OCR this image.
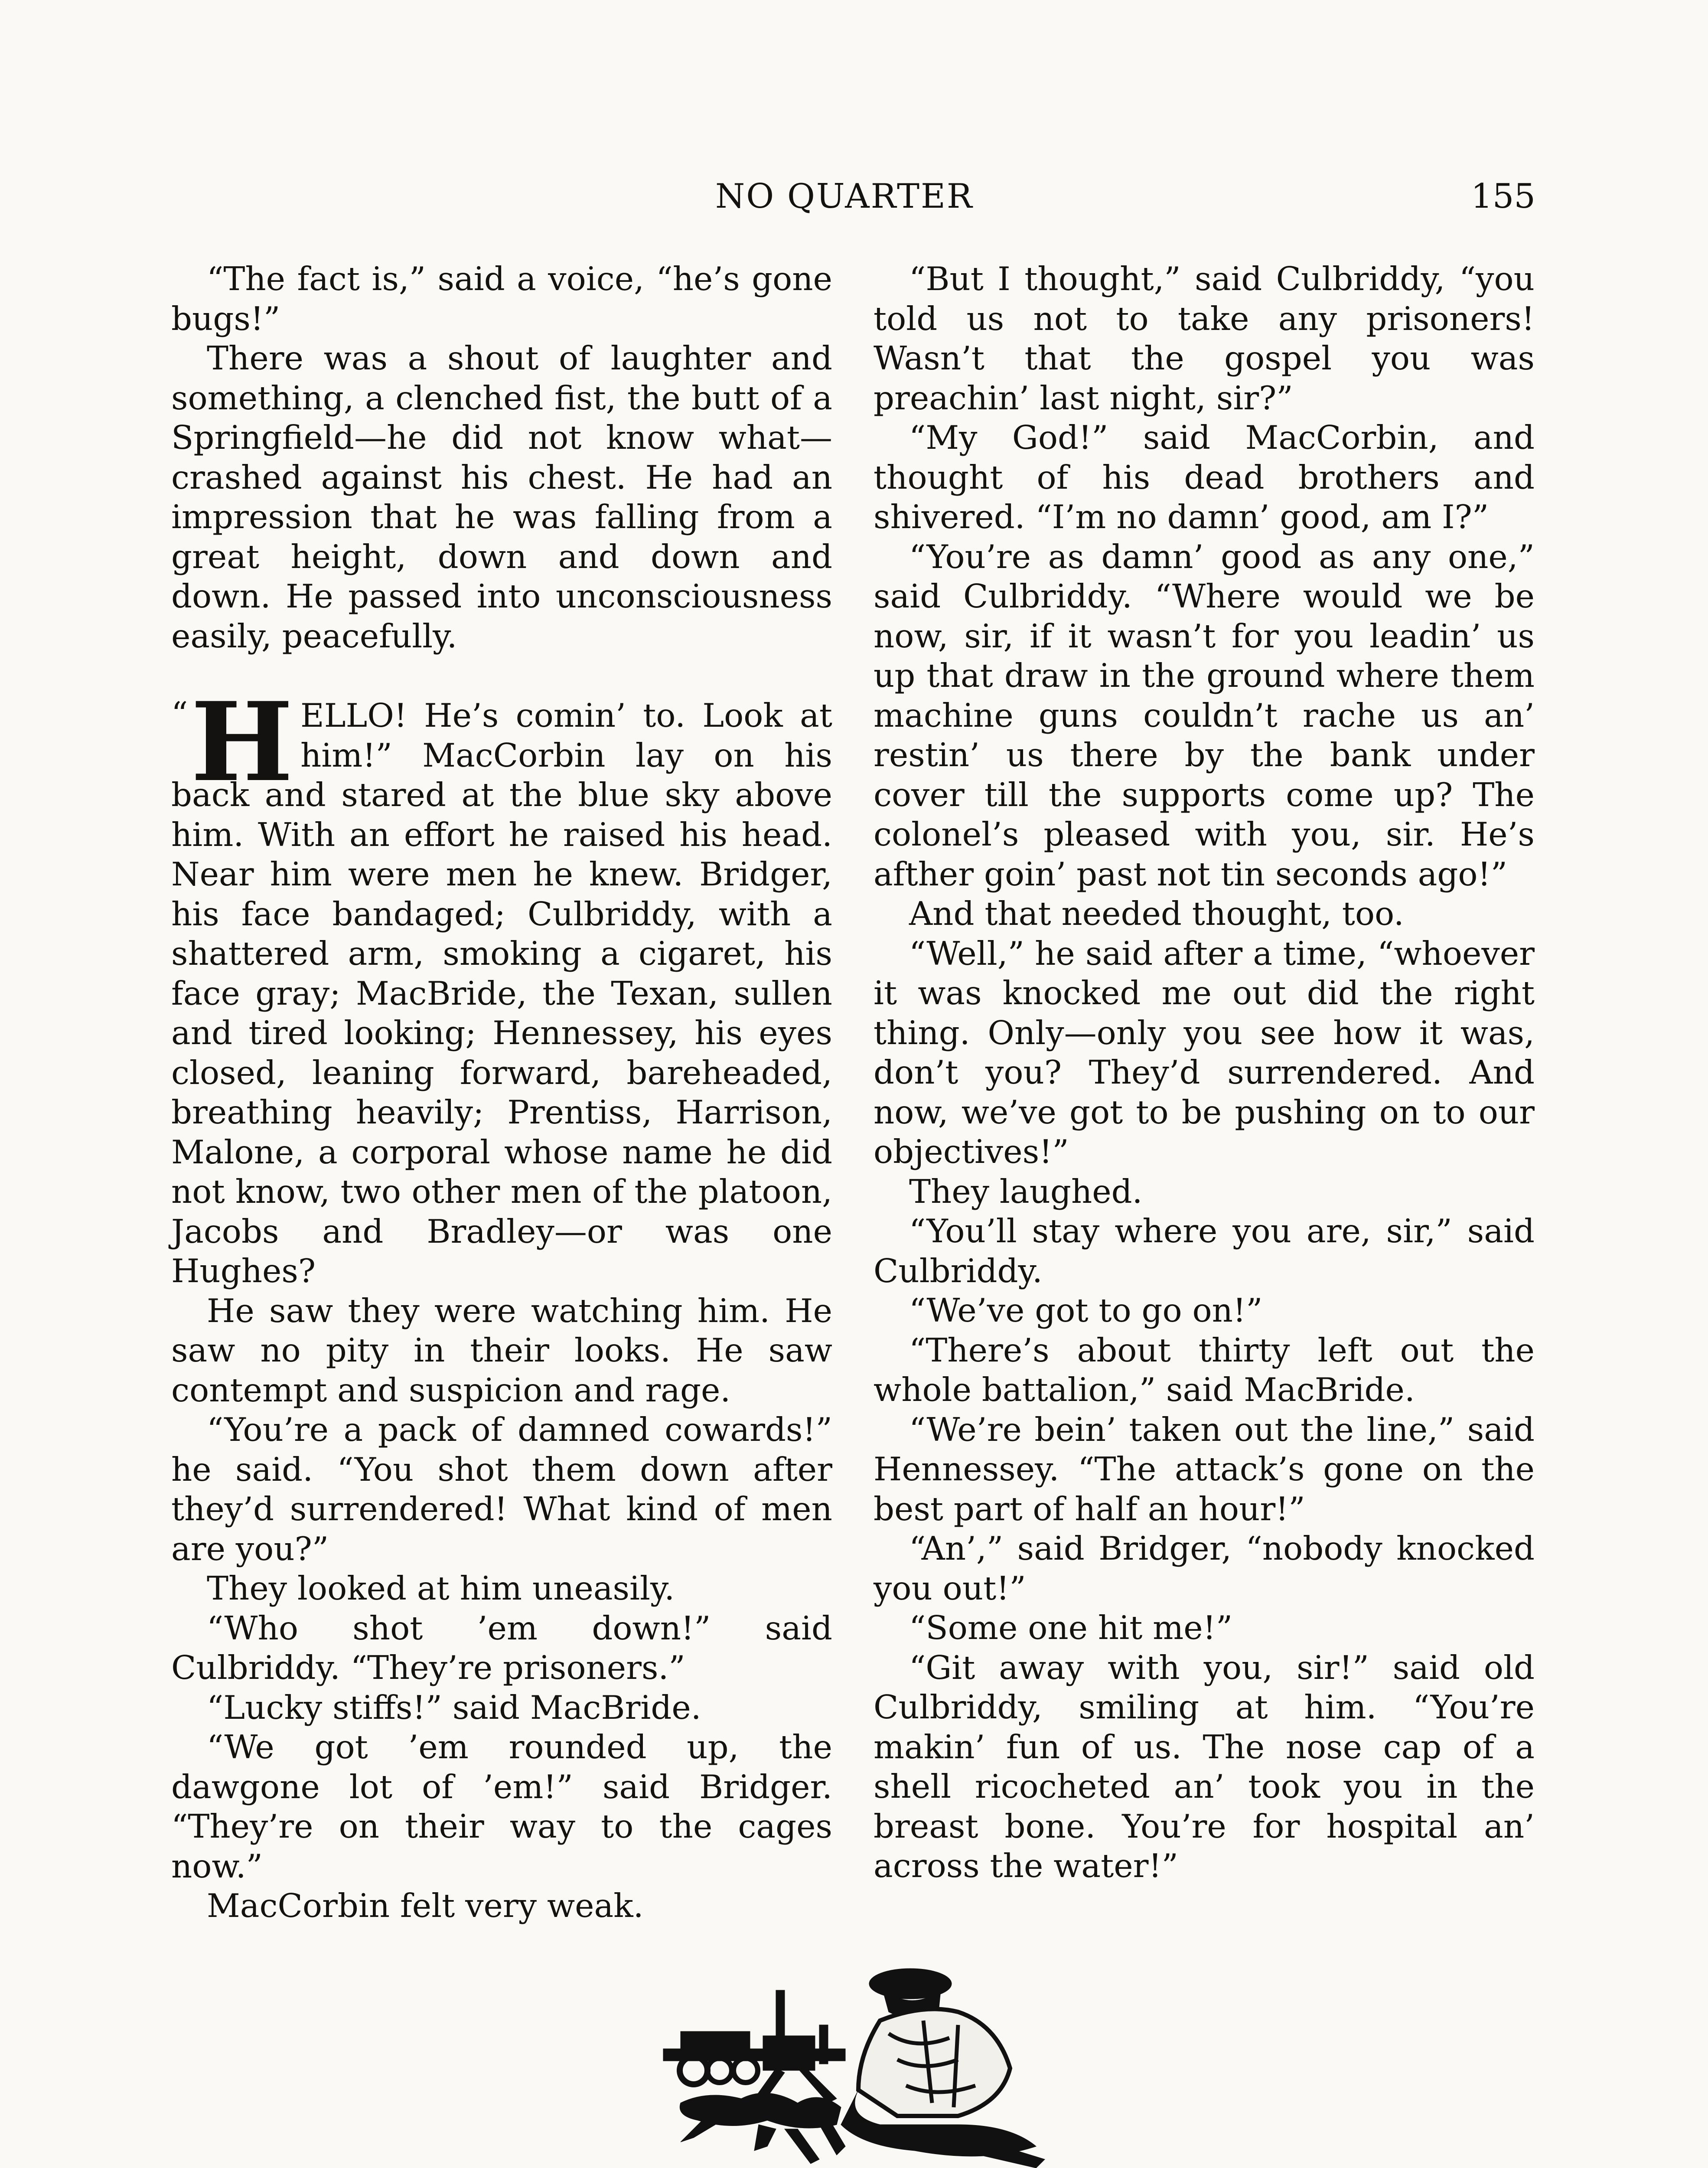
NO QUARTER	155

“The fact is,” said a voice, “he’s gone bugs!”

There was a shout of laughter and something, a clenched fist, the butt of a Springfield—he did not know what—crashed against his chest. He had an impression that he was falling from a great height, down and down and down. He passed into unconsciousness easily, peacefully.

“ H ELLO! He’s comin’ to. Look at him!” MacCorbin lay on his back and stared at the blue sky above him. With an effort he raised his head. Near him were men he knew. Bridger, his face bandaged; Culbriddy, with a shattered arm, smoking a cigaret, his face gray; MacBride, the Texan, sullen and tired looking; Hennessey, his eyes closed, leaning forward, bareheaded, breathing heavily; Prentiss, Harrison, Malone, a corporal whose name he did not know, two other men of the platoon, Jacobs and Bradley—or was one Hughes?

He saw they were watching him. He saw no pity in their looks. He saw contempt and suspicion and rage.

“You’re a pack of damned cowards!” he said. “You shot them down after they’d surrendered! What kind of men are you?”

They looked at him uneasily.

“Who shot ’em down!” said Culbriddy. “They’re prisoners.”

“Lucky stiffs!” said MacBride.

“We got ’em rounded up, the dawgone lot of ’em!” said Bridger. “They’re on their way to the cages now.”

MacCorbin felt very weak.

“But I thought,” said Culbriddy, “you told us not to take any prisoners! Wasn’t that the gospel you was preachin’ last night, sir?”

“My God!” said MacCorbin, and thought of his dead brothers and shivered. “I’m no damn’ good, am I?”

“You’re as damn’ good as any one,” said Culbriddy. “Where would we be now, sir, if it wasn’t for you leadin’ us up that draw in the ground where them machine guns couldn’t rache us an’ restin’ us there by the bank under cover till the supports come up? The colonel’s pleased with you, sir. He’s afther goin’ past not tin seconds ago!”

And that needed thought, too.

“Well,” he said after a time, “whoever it was knocked me out did the right thing. Only—only you see how it was, don’t you? They’d surrendered. And now, we’ve got to be pushing on to our objectives!”

They laughed.

“You’ll stay where you are, sir,” said Culbriddy.

“We’ve got to go on!”

“There’s about thirty left out the whole battalion,” said MacBride.

“We’re bein’ taken out the line,” said Hennessey. “The attack’s gone on the best part of half an hour!”

“An’,” said Bridger, “nobody knocked you out!”

“Some one hit me!”

“Git away with you, sir!” said old Culbriddy, smiling at him. “You’re makin’ fun of us. The nose cap of a shell ricocheted an’ took you in the breast bone. You’re for hospital an’ across the water!”
